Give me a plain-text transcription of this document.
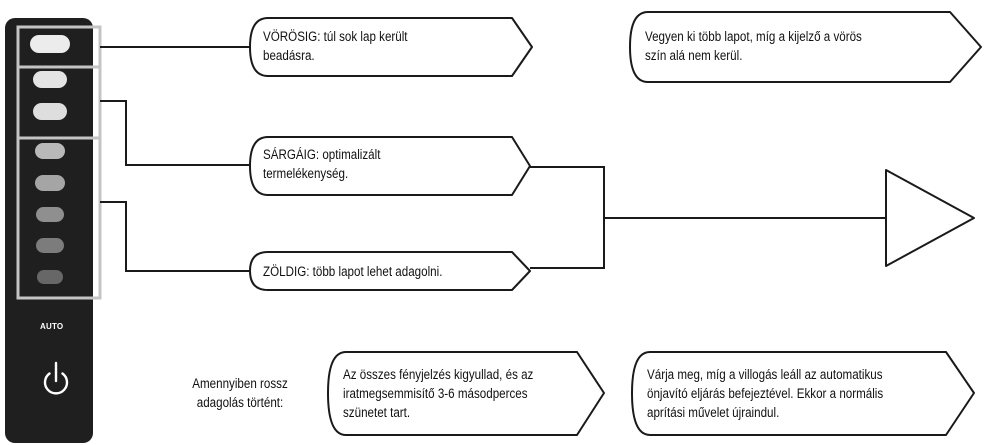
AUTO
VÖRÖSIG: túl sok lap került
beadásra.
SÁRGÁIG: optimalizált
termelékenység.
ZÖLDIG: több lapot lehet adagolni.
Vegyen ki több lapot, míg a kijelző a vörös
szín alá nem kerül.
Amennyiben rossz
adagolás történt:
Az összes fényjelzés kigyullad, és az
iratmegsemmisítő 3-6 másodperces
szünetet tart.
Várja meg, míg a villogás leáll az automatikus
önjavító eljárás befejeztével. Ekkor a normális
aprítási művelet újraindul.
